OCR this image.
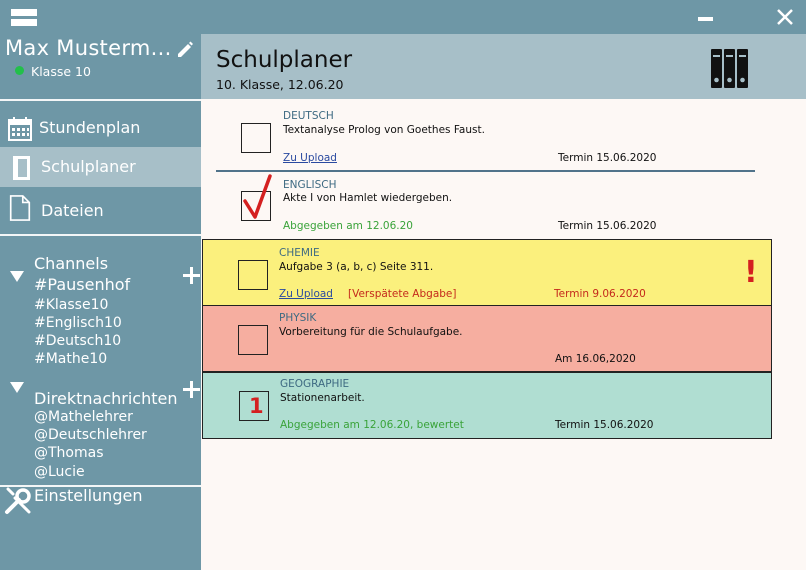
Max Musterm...
Klasse 10
Stundenplan
Schulplaner
Dateien
Channels
#Pausenhof
#Klasse10
#Englisch10
#Deutsch10
#Mathe10
Direktnachrichten
@Mathelehrer
@Deutschlehrer
@Thomas
@Lucie
Einstellungen
Schulplaner
10. Klasse, 12.06.20
DEUTSCH
Textanalyse Prolog von Goethes Faust.
Zu Upload	Termin 15.06.2020
ENGLISCH
Akte I von Hamlet wiedergeben.
Abgegeben am 12.06.20	Termin 15.06.2020
CHEMIE
Aufgabe 3 (a, b, c) Seite 311.
Zu Upload [Verspätete Abgabe]	Termin 9.06.2020
!
PHYSIK
Vorbereitung für die Schulaufgabe.
Am 16.06,2020
1
GEOGRAPHIE
Stationenarbeit.
Abgegeben am 12.06.20, bewertet	Termin 15.06.2020
